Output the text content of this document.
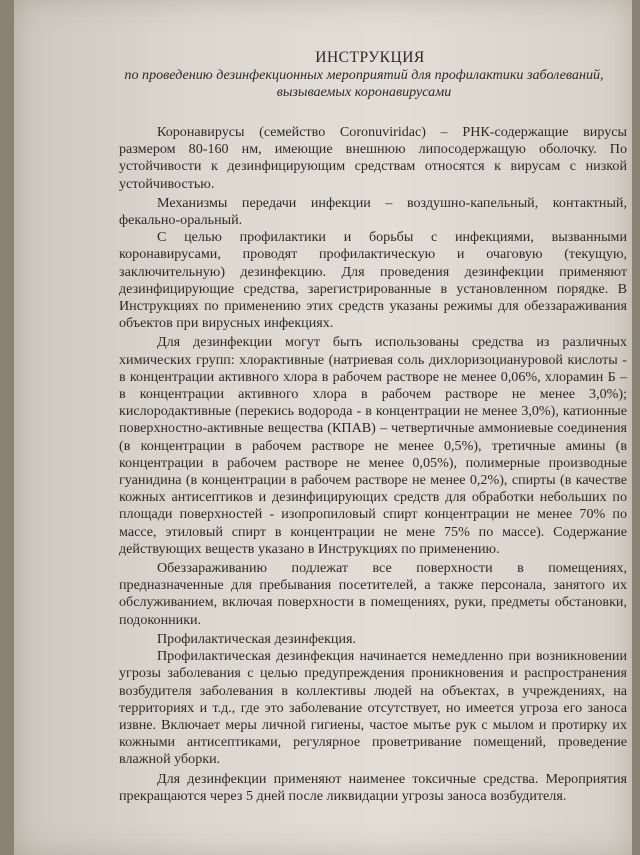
ИНСТРУКЦИЯ

по проведению дезинфекционных мероприятий для профилактики заболеваний,

вызываемых коронавирусами

Коронавирусы (семейство Coronuviridac) – РНК-содержащие вирусы размером 80-160 нм, имеющие внешнюю липосодержащую оболочку. По устойчивости к дезинфицирующим средствам относятся к вирусам с низкой устойчивостью.

Механизмы передачи инфекции – воздушно-капельный, контактный, фекально-оральный.

С целью профилактики и борьбы с инфекциями, вызванными коронавирусами, проводят профилактическую и очаговую (текущую, заключительную) дезинфекцию. Для проведения дезинфекции применяют дезинфицирующие средства, зарегистрированные в установленном порядке. В Инструкциях по применению этих средств указаны режимы для обеззараживания объектов при вирусных инфекциях.

Для дезинфекции могут быть использованы средства из различных химических групп: хлорактивные (натриевая соль дихлоризоциануровой кислоты - в концентрации активного хлора в рабочем растворе не менее 0,06%, хлорамин Б – в концентрации активного хлора в рабочем растворе не менее 3,0%); кислородактивные (перекись водорода - в концентрации не менее 3,0%), катионные поверхностно-активные вещества (КПАВ) – четвертичные аммониевые соединения (в концентрации в рабочем растворе не менее 0,5%), третичные амины (в концентрации в рабочем растворе не менее 0,05%), полимерные производные гуанидина (в концентрации в рабочем растворе не менее 0,2%), спирты (в качестве кожных антисептиков и дезинфицирующих средств для обработки небольших по площади поверхностей - изопропиловый спирт концентрации не менее 70% по массе, этиловый спирт в концентрации не мене 75% по массе). Содержание действующих веществ указано в Инструкциях по применению.

Обеззараживанию подлежат все поверхности в помещениях, предназначенные для пребывания посетителей, а также персонала, занятого их обслуживанием, включая поверхности в помещениях, руки, предметы обстановки, подоконники.

Профилактическая дезинфекция.

Профилактическая дезинфекция начинается немедленно при возникновении угрозы заболевания с целью предупреждения проникновения и распространения возбудителя заболевания в коллективы людей на объектах, в учреждениях, на территориях и т.д., где это заболевание отсутствует, но имеется угроза его заноса извне. Включает меры личной гигиены, частое мытье рук с мылом и протирку их кожными антисептиками, регулярное проветривание помещений, проведение влажной уборки.

Для дезинфекции применяют наименее токсичные средства. Мероприятия прекращаются через 5 дней после ликвидации угрозы заноса возбудителя.
